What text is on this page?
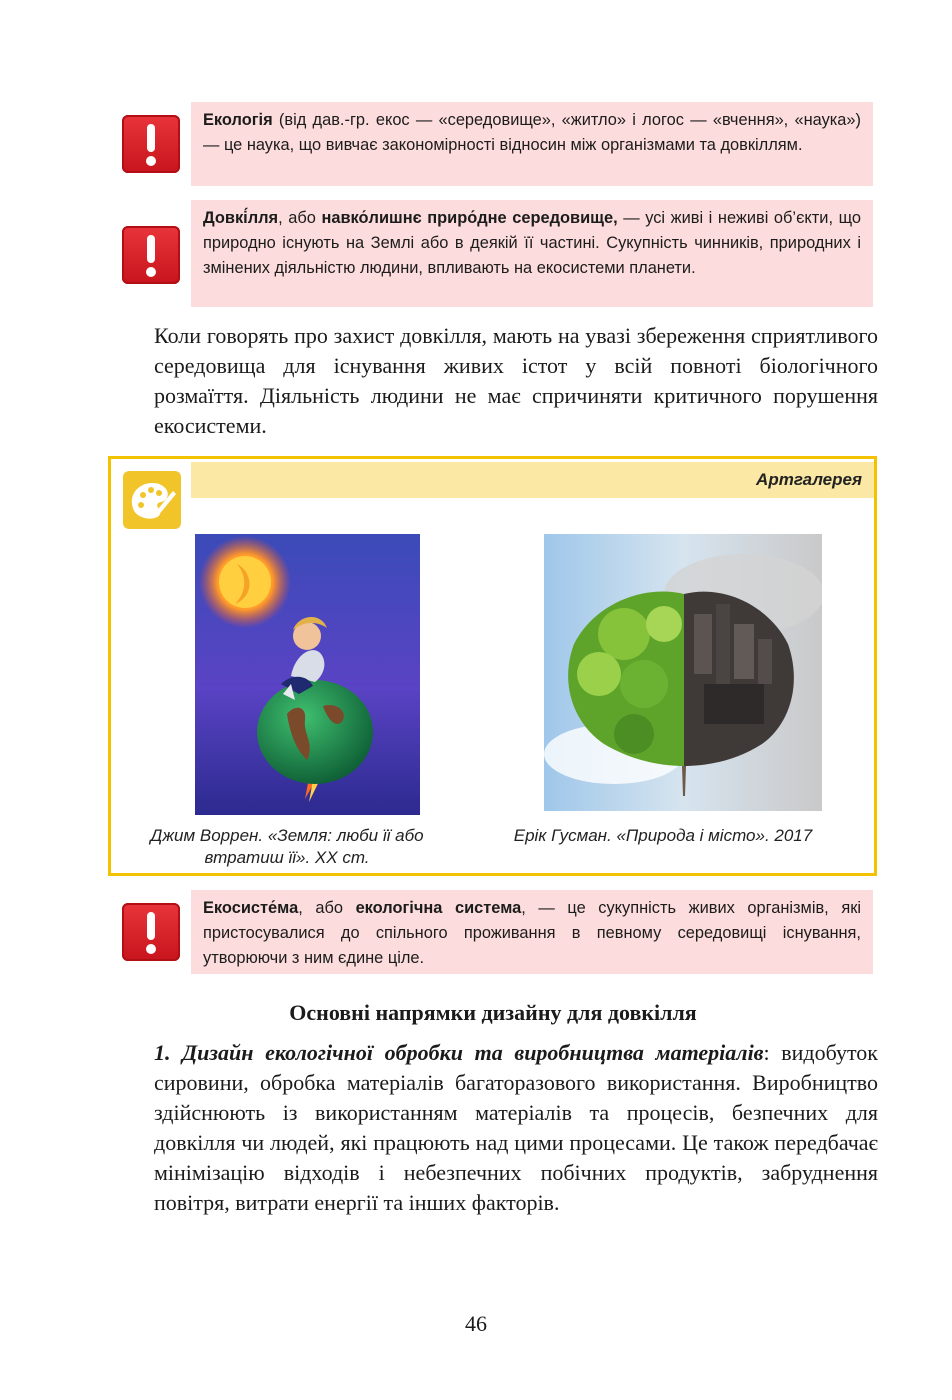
Екологія (від дав.-гр. екос — «середовище», «житло» і логос — «вчення», «наука») — це наука, що вивчає закономірності відносин між організмами та довкіллям.
Довкі́лля, або навко́лишнє приро́дне середовище, — усі живі і неживі об’єкти, що природно існують на Землі або в деякій її частині. Сукупність чинників, природних і змінених діяльністю людини, впливають на екосистеми планети.
Коли говорять про захист довкілля, мають на увазі збереження сприятливого середовища для існування живих істот у всій повноті біологічного розмаїття. Діяльність людини не має спричиняти критичного порушення екосистеми.
Артгалерея
Джим Воррен. «Земля: люби її або втратиш її». XX ст.
Ерік Гусман. «Природа і місто». 2017
Екосисте́ма, або екологічна система, — це сукупність живих організмів, які пристосувалися до спільного проживання в певному середовищі існування, утворюючи з ним єдине ціле.
Основні напрямки дизайну для довкілля
1. Дизайн екологічної обробки та виробництва матеріалів: видобуток сировини, обробка матеріалів багаторазового використання. Виробництво здійснюють із використанням матеріалів та процесів, безпечних для довкілля чи людей, які працюють над цими процесами. Це також передбачає мінімізацію відходів і небезпечних побічних продуктів, забруднення повітря, витрати енергії та інших факторів.
46
